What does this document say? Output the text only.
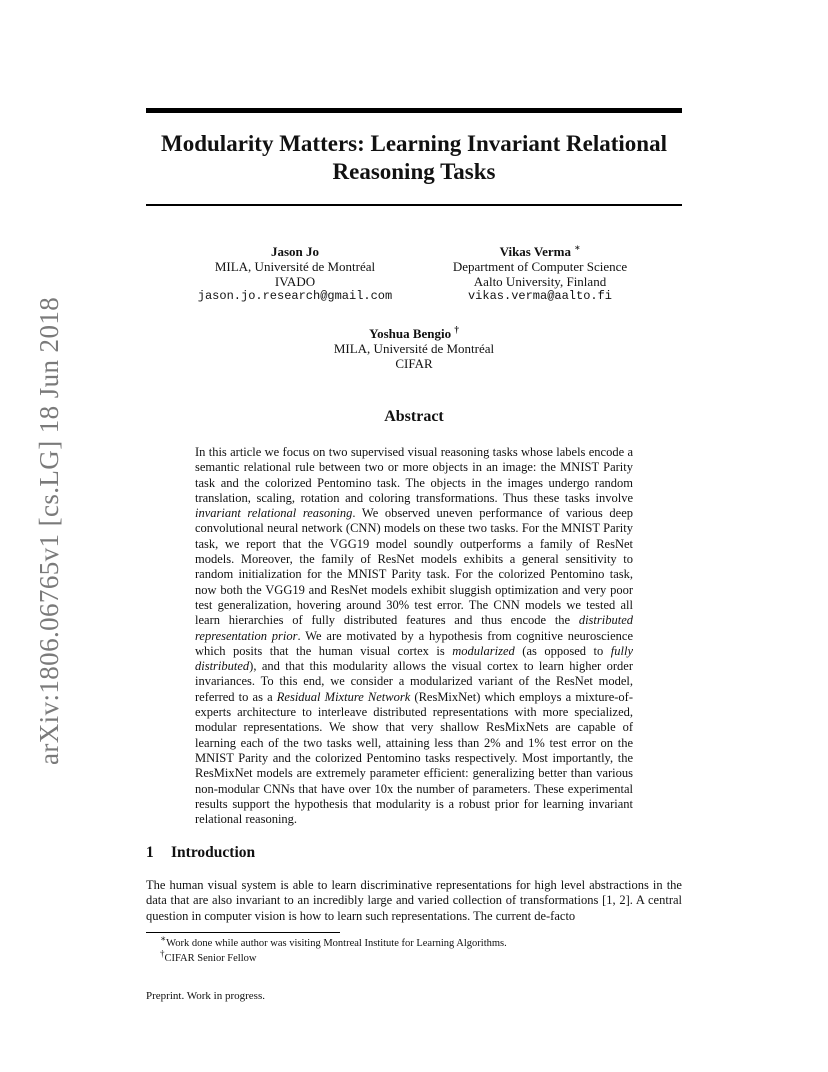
arXiv:1806.06765v1 [cs.LG] 18 Jun 2018
Modularity Matters: Learning Invariant Relational
Reasoning Tasks
Jason Jo
MILA, Université de Montréal
IVADO
jason.jo.research@gmail.com
Vikas Verma ∗
Department of Computer Science
Aalto University, Finland
vikas.verma@aalto.fi
Yoshua Bengio †
MILA, Université de Montréal
CIFAR
Abstract

In this article we focus on two supervised visual reasoning tasks whose labels encode a semantic relational rule between two or more objects in an image: the MNIST Parity task and the colorized Pentomino task. The objects in the images undergo random translation, scaling, rotation and coloring transformations. Thus these tasks involve invariant relational reasoning. We observed uneven performance of various deep convolutional neural network (CNN) models on these two tasks. For the MNIST Parity task, we report that the VGG19 model soundly outperforms a family of ResNet models. Moreover, the family of ResNet models exhibits a general sensitivity to random initialization for the MNIST Parity task. For the colorized Pentomino task, now both the VGG19 and ResNet models exhibit sluggish optimization and very poor test generalization, hovering around 30% test error. The CNN models we tested all learn hierarchies of fully distributed features and thus encode the distributed representation prior. We are motivated by a hypothesis from cognitive neuroscience which posits that the human visual cortex is modularized (as opposed to fully distributed), and that this modularity allows the visual cortex to learn higher order invariances. To this end, we consider a modularized variant of the ResNet model, referred to as a Residual Mixture Network (ResMixNet) which employs a mixture-of-experts architecture to interleave distributed representations with more specialized, modular representations. We show that very shallow ResMixNets are capable of learning each of the two tasks well, attaining less than 2% and 1% test error on the MNIST Parity and the colorized Pentomino tasks respectively. Most importantly, the ResMixNet models are extremely parameter efficient: generalizing better than various non-modular CNNs that have over 10x the number of parameters. These experimental results support the hypothesis that modularity is a robust prior for learning invariant relational reasoning.

1 Introduction

The human visual system is able to learn discriminative representations for high level abstractions in the data that are also invariant to an incredibly large and varied collection of transformations [1, 2]. A central question in computer vision is how to learn such representations. The current de-facto

∗Work done while author was visiting Montreal Institute for Learning Algorithms.
†CIFAR Senior Fellow
Preprint. Work in progress.
